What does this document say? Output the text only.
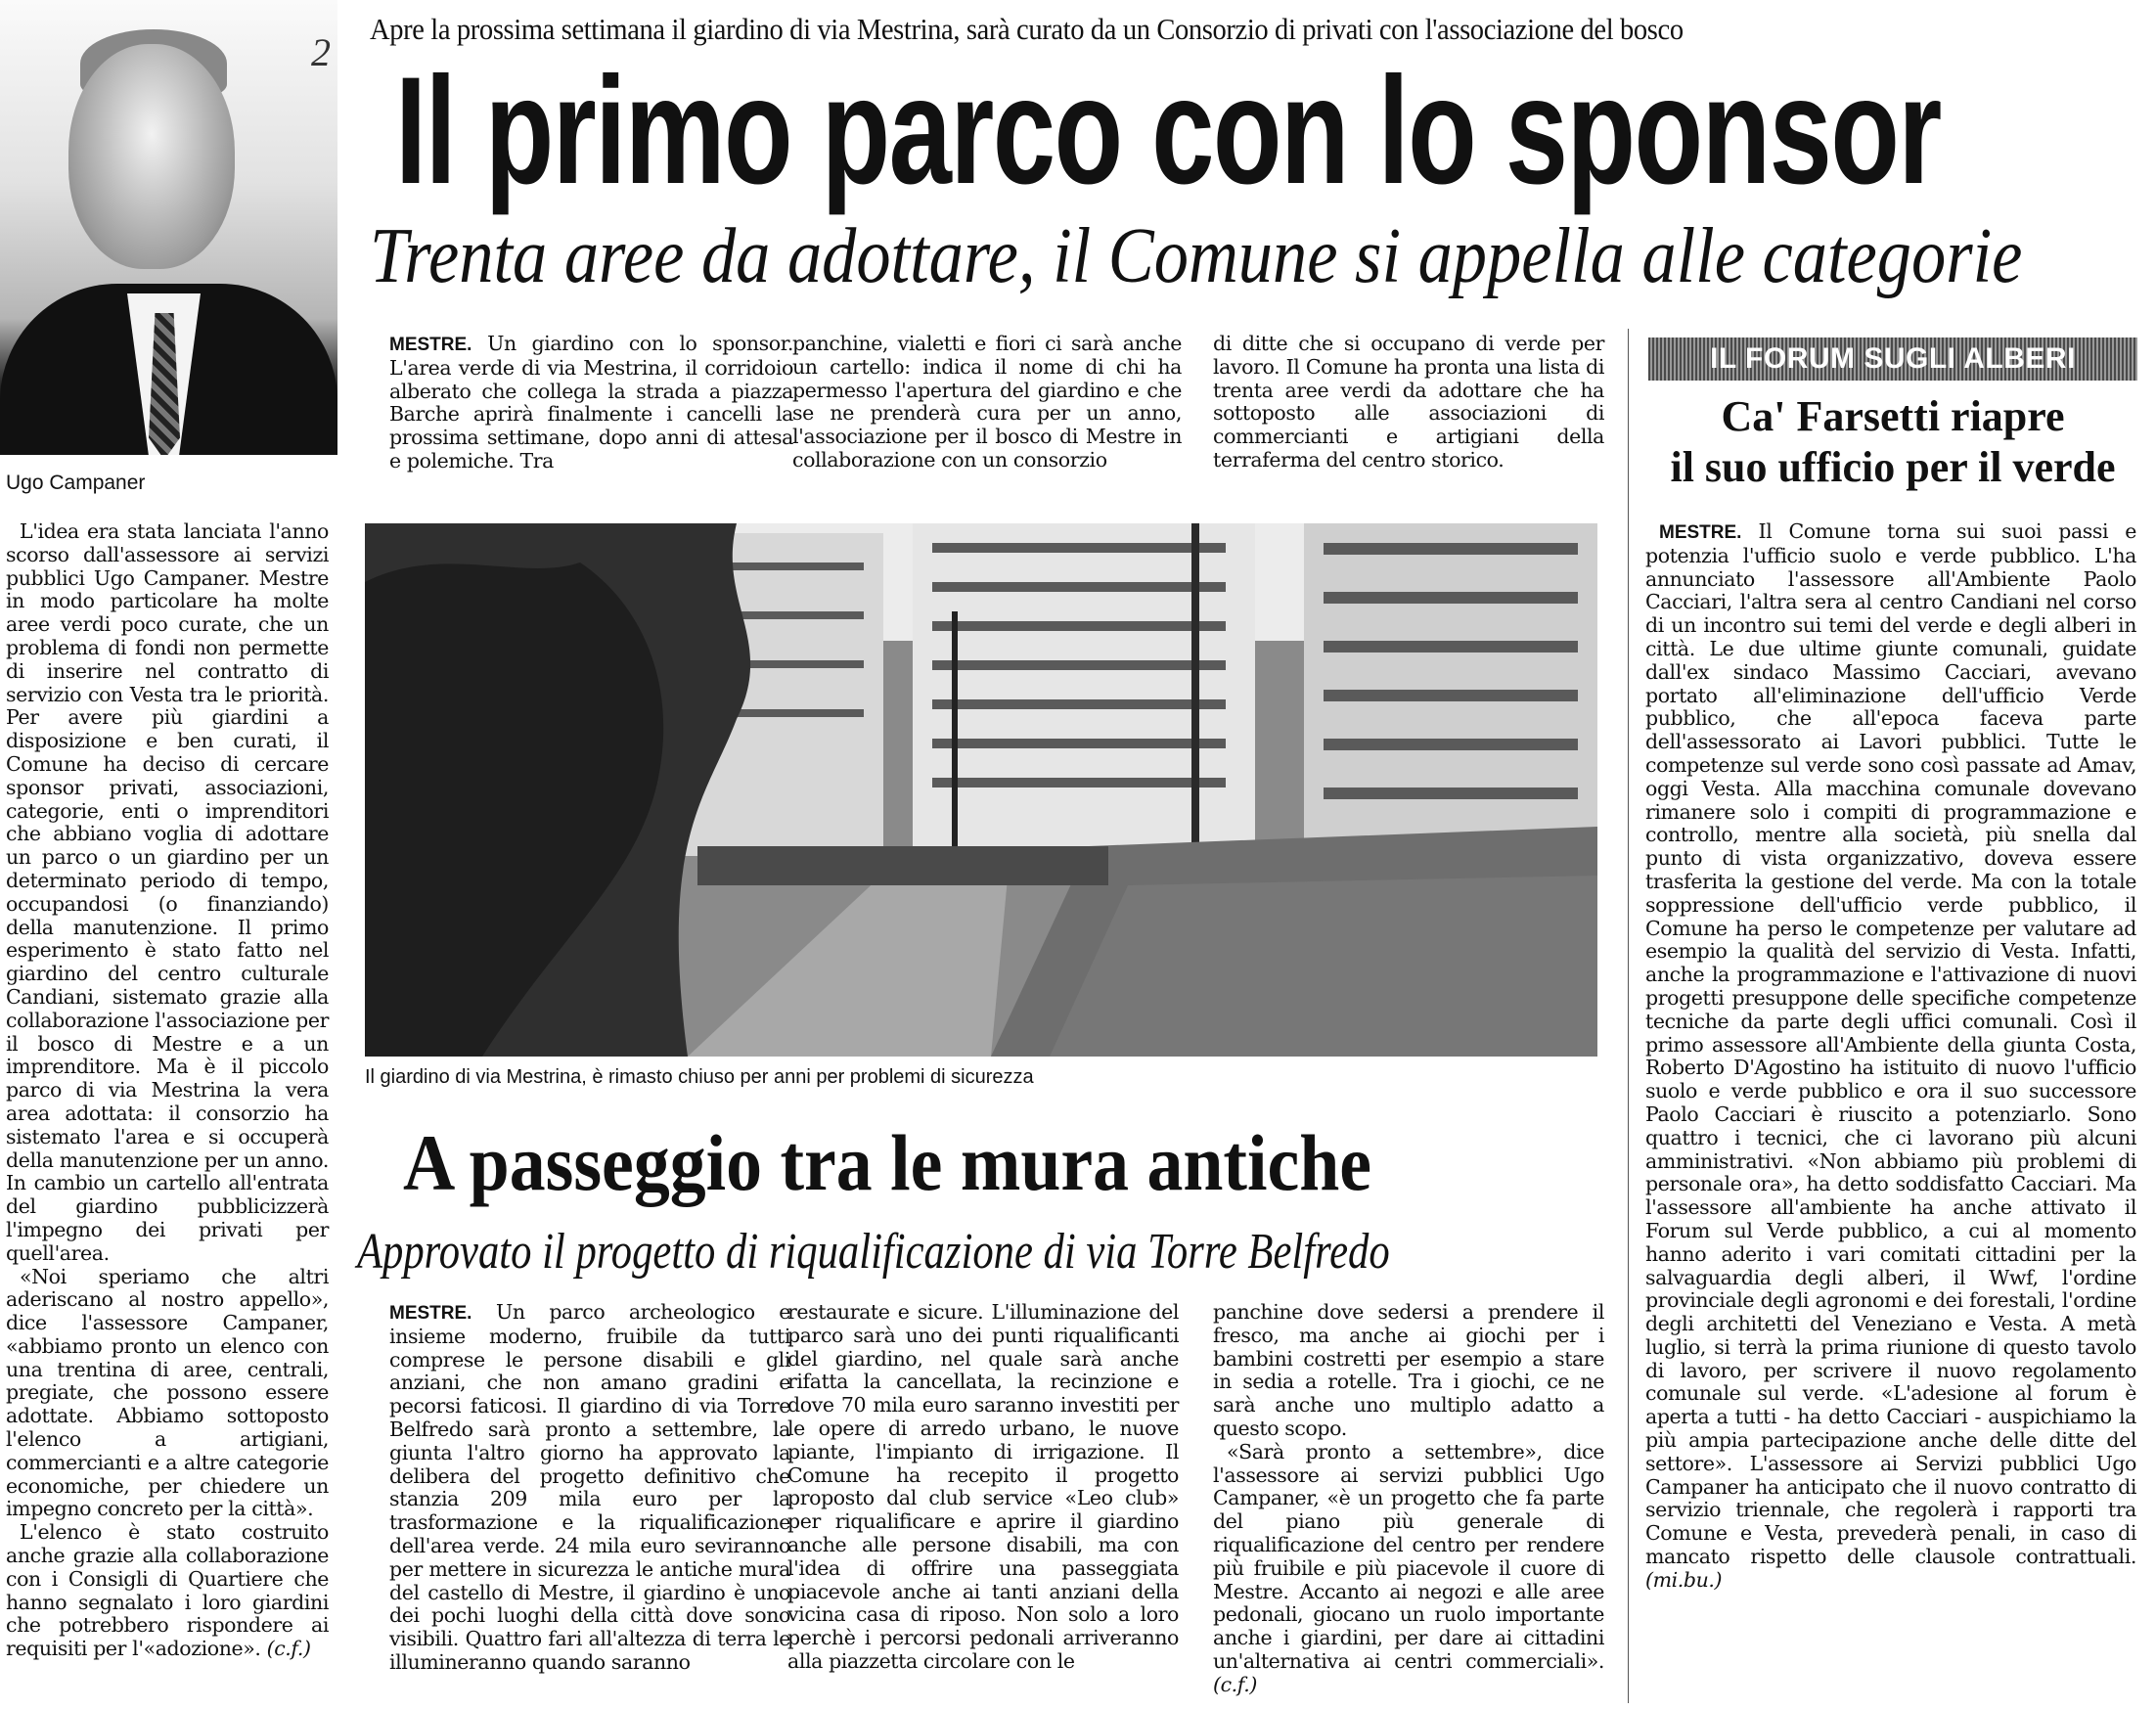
2
Ugo Campaner
Apre la prossima settimana il giardino di via Mestrina, sarà curato da un Consorzio di privati con l'associazione del bosco
Il primo parco con lo sponsor
Trenta aree da adottare, il Comune si appella alle categorie

MESTRE. Un giardino con lo sponsor. L'area verde di via Mestrina, il corridoio alberato che collega la strada a piazza Barche aprirà finalmente i cancelli la prossima settimane, dopo anni di attesa e polemiche. Tra

panchine, vialetti e fiori ci sarà anche un cartello: indica il nome di chi ha permesso l'apertura del giardino e che se ne prenderà cura per un anno, l'associazione per il bosco di Mestre in collaborazione con un consorzio

di ditte che si occupano di verde per lavoro. Il Comune ha pronta una lista di trenta aree verdi da adottare che ha sottoposto alle associazioni di commercianti e artigiani della terraferma del centro storico.

L'idea era stata lanciata l'anno scorso dall'assessore ai servizi pubblici Ugo Campaner. Mestre in modo particolare ha molte aree verdi poco curate, che un problema di fondi non permette di inserire nel contratto di servizio con Vesta tra le priorità. Per avere più giardini a disposizione e ben curati, il Comune ha deciso di cercare sponsor privati, associazioni, categorie, enti o imprenditori che abbiano voglia di adottare un parco o un giardino per un determinato periodo di tempo, occupandosi (o finanziando) della manutenzione. Il primo esperimento è stato fatto nel giardino del centro culturale Candiani, sistemato grazie alla collaborazione l'associazione per il bosco di Mestre e a un imprenditore. Ma è il piccolo parco di via Mestrina la vera area adottata: il consorzio ha sistemato l'area e si occuperà della manutenzione per un anno. In cambio un cartello all'entrata del giardino pubblicizzerà l'impegno dei privati per quell'area.

«Noi speriamo che altri aderiscano al nostro appello», dice l'assessore Campaner, «abbiamo pronto un elenco con una trentina di aree, centrali, pregiate, che possono essere adottate. Abbiamo sottoposto l'elenco a artigiani, commercianti e a altre categorie economiche, per chiedere un impegno concreto per la città».

L'elenco è stato costruito anche grazie alla collaborazione con i Consigli di Quartiere che hanno segnalato i loro giardini che potrebbero rispondere ai requisiti per l'«adozione». (c.f.)

Il giardino di via Mestrina, è rimasto chiuso per anni per problemi di sicurezza
A passeggio tra le mura antiche
Approvato il progetto di riqualificazione di via Torre Belfredo

MESTRE. Un parco archeologico e insieme moderno, fruibile da tutti comprese le persone disabili e gli anziani, che non amano gradini e pecorsi faticosi. Il giardino di via Torre Belfredo sarà pronto a settembre, la giunta l'altro giorno ha approvato la delibera del progetto definitivo che stanzia 209 mila euro per la trasformazione e la riqualificazione dell'area verde. 24 mila euro seviranno per mettere in sicurezza le antiche mura del castello di Mestre, il giardino è uno dei pochi luoghi della città dove sono visibili. Quattro fari all'altezza di terra le illumineranno quando saranno

restaurate e sicure. L'illuminazione del parco sarà uno dei punti riqualificanti del giardino, nel quale sarà anche rifatta la cancellata, la recinzione e dove 70 mila euro saranno investiti per le opere di arredo urbano, le nuove piante, l'impianto di irrigazione. Il Comune ha recepito il progetto proposto dal club service «Leo club» per riqualificare e aprire il giardino anche alle persone disabili, ma con l'idea di offrire una passeggiata piacevole anche ai tanti anziani della vicina casa di riposo. Non solo a loro perchè i percorsi pedonali arriveranno alla piazzetta circolare con le

panchine dove sedersi a prendere il fresco, ma anche ai giochi per i bambini costretti per esempio a stare in sedia a rotelle. Tra i giochi, ce ne sarà anche uno multiplo adatto a questo scopo.

«Sarà pronto a settembre», dice l'assessore ai servizi pubblici Ugo Campaner, «è un progetto che fa parte del piano più generale di riqualificazione del centro per rendere più fruibile e più piacevole il cuore di Mestre. Accanto ai negozi e alle aree pedonali, giocano un ruolo importante anche i giardini, per dare ai cittadini un'alternativa ai centri commerciali». (c.f.)

IL FORUM SUGLI ALBERI
Ca' Farsetti riapre
il suo ufficio per il verde

MESTRE. Il Comune torna sui suoi passi e potenzia l'ufficio suolo e verde pubblico. L'ha annunciato l'assessore all'Ambiente Paolo Cacciari, l'altra sera al centro Candiani nel corso di un incontro sui temi del verde e degli alberi in città. Le due ultime giunte comunali, guidate dall'ex sindaco Massimo Cacciari, avevano portato all'eliminazione dell'ufficio Verde pubblico, che all'epoca faceva parte dell'assessorato ai Lavori pubblici. Tutte le competenze sul verde sono così passate ad Amav, oggi Vesta. Alla macchina comunale dovevano rimanere solo i compiti di programmazione e controllo, mentre alla società, più snella dal punto di vista organizzativo, doveva essere trasferita la gestione del verde. Ma con la totale soppressione dell'ufficio verde pubblico, il Comune ha perso le competenze per valutare ad esempio la qualità del servizio di Vesta. Infatti, anche la programmazione e l'attivazione di nuovi progetti presuppone delle specifiche competenze tecniche da parte degli uffici comunali. Così il primo assessore all'Ambiente della giunta Costa, Roberto D'Agostino ha istituito di nuovo l'ufficio suolo e verde pubblico e ora il suo successore Paolo Cacciari è riuscito a potenziarlo. Sono quattro i tecnici, che ci lavorano più alcuni amministrativi. «Non abbiamo più problemi di personale ora», ha detto soddisfatto Cacciari. Ma l'assessore all'ambiente ha anche attivato il Forum sul Verde pubblico, a cui al momento hanno aderito i vari comitati cittadini per la salvaguardia degli alberi, il Wwf, l'ordine provinciale degli agronomi e dei forestali, l'ordine degli architetti del Veneziano e Vesta. A metà luglio, si terrà la prima riunione di questo tavolo di lavoro, per scrivere il nuovo regolamento comunale sul verde. «L'adesione al forum è aperta a tutti - ha detto Cacciari - auspichiamo la più ampia partecipazione anche delle ditte del settore». L'assessore ai Servizi pubblici Ugo Campaner ha anticipato che il nuovo contratto di servizio triennale, che regolerà i rapporti tra Comune e Vesta, prevederà penali, in caso di mancato rispetto delle clausole contrattuali. (mi.bu.)
